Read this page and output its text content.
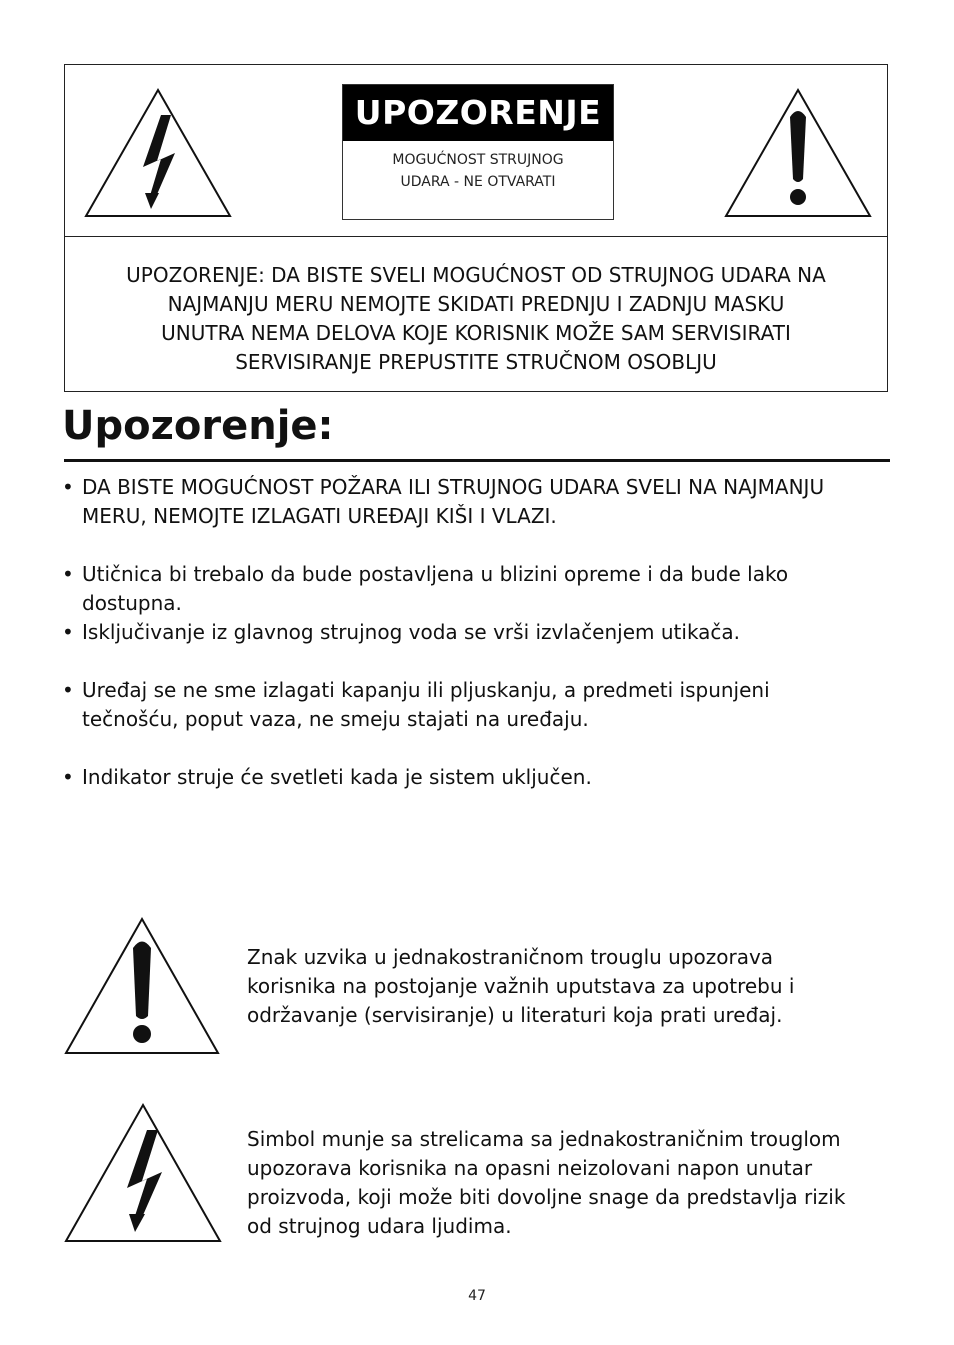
UPOZORENJE
MOGUĆNOST STRUJNOG
UDARA - NE OTVARATI
UPOZORENJE: DA BISTE SVELI MOGUĆNOST OD STRUJNOG UDARA NA
NAJMANJU MERU NEMOJTE SKIDATI PREDNJU I ZADNJU MASKU
UNUTRA NEMA DELOVA KOJE KORISNIK MOŽE SAM SERVISIRATI
SERVISIRANJE PREPUSTITE STRUČNOM OSOBLJU
Upozorenje:
• DA BISTE MOGUĆNOST POŽARA ILI STRUJNOG UDARA SVELI NA NAJMANJU MERU, NEMOJTE IZLAGATI UREĐAJI KIŠI I VLAZI.
• Utičnica bi trebalo da bude postavljena u blizini opreme i da bude lako dostupna.
• Isključivanje iz glavnog strujnog voda se vrši izvlačenjem utikača.
• Uređaj se ne sme izlagati kapanju ili pljuskanju, a predmeti ispunjeni tečnošću, poput vaza, ne smeju stajati na uređaju.
• Indikator struje će svetleti kada je sistem uključen.
Znak uzvika u jednakostraničnom trouglu upozorava
korisnika na postojanje važnih uputstava za upotrebu i
održavanje (servisiranje) u literaturi koja prati uređaj.
Simbol munje sa strelicama sa jednakostraničnim trouglom
upozorava korisnika na opasni neizolovani napon unutar
proizvoda, koji može biti dovoljne snage da predstavlja rizik
od strujnog udara ljudima.
47
